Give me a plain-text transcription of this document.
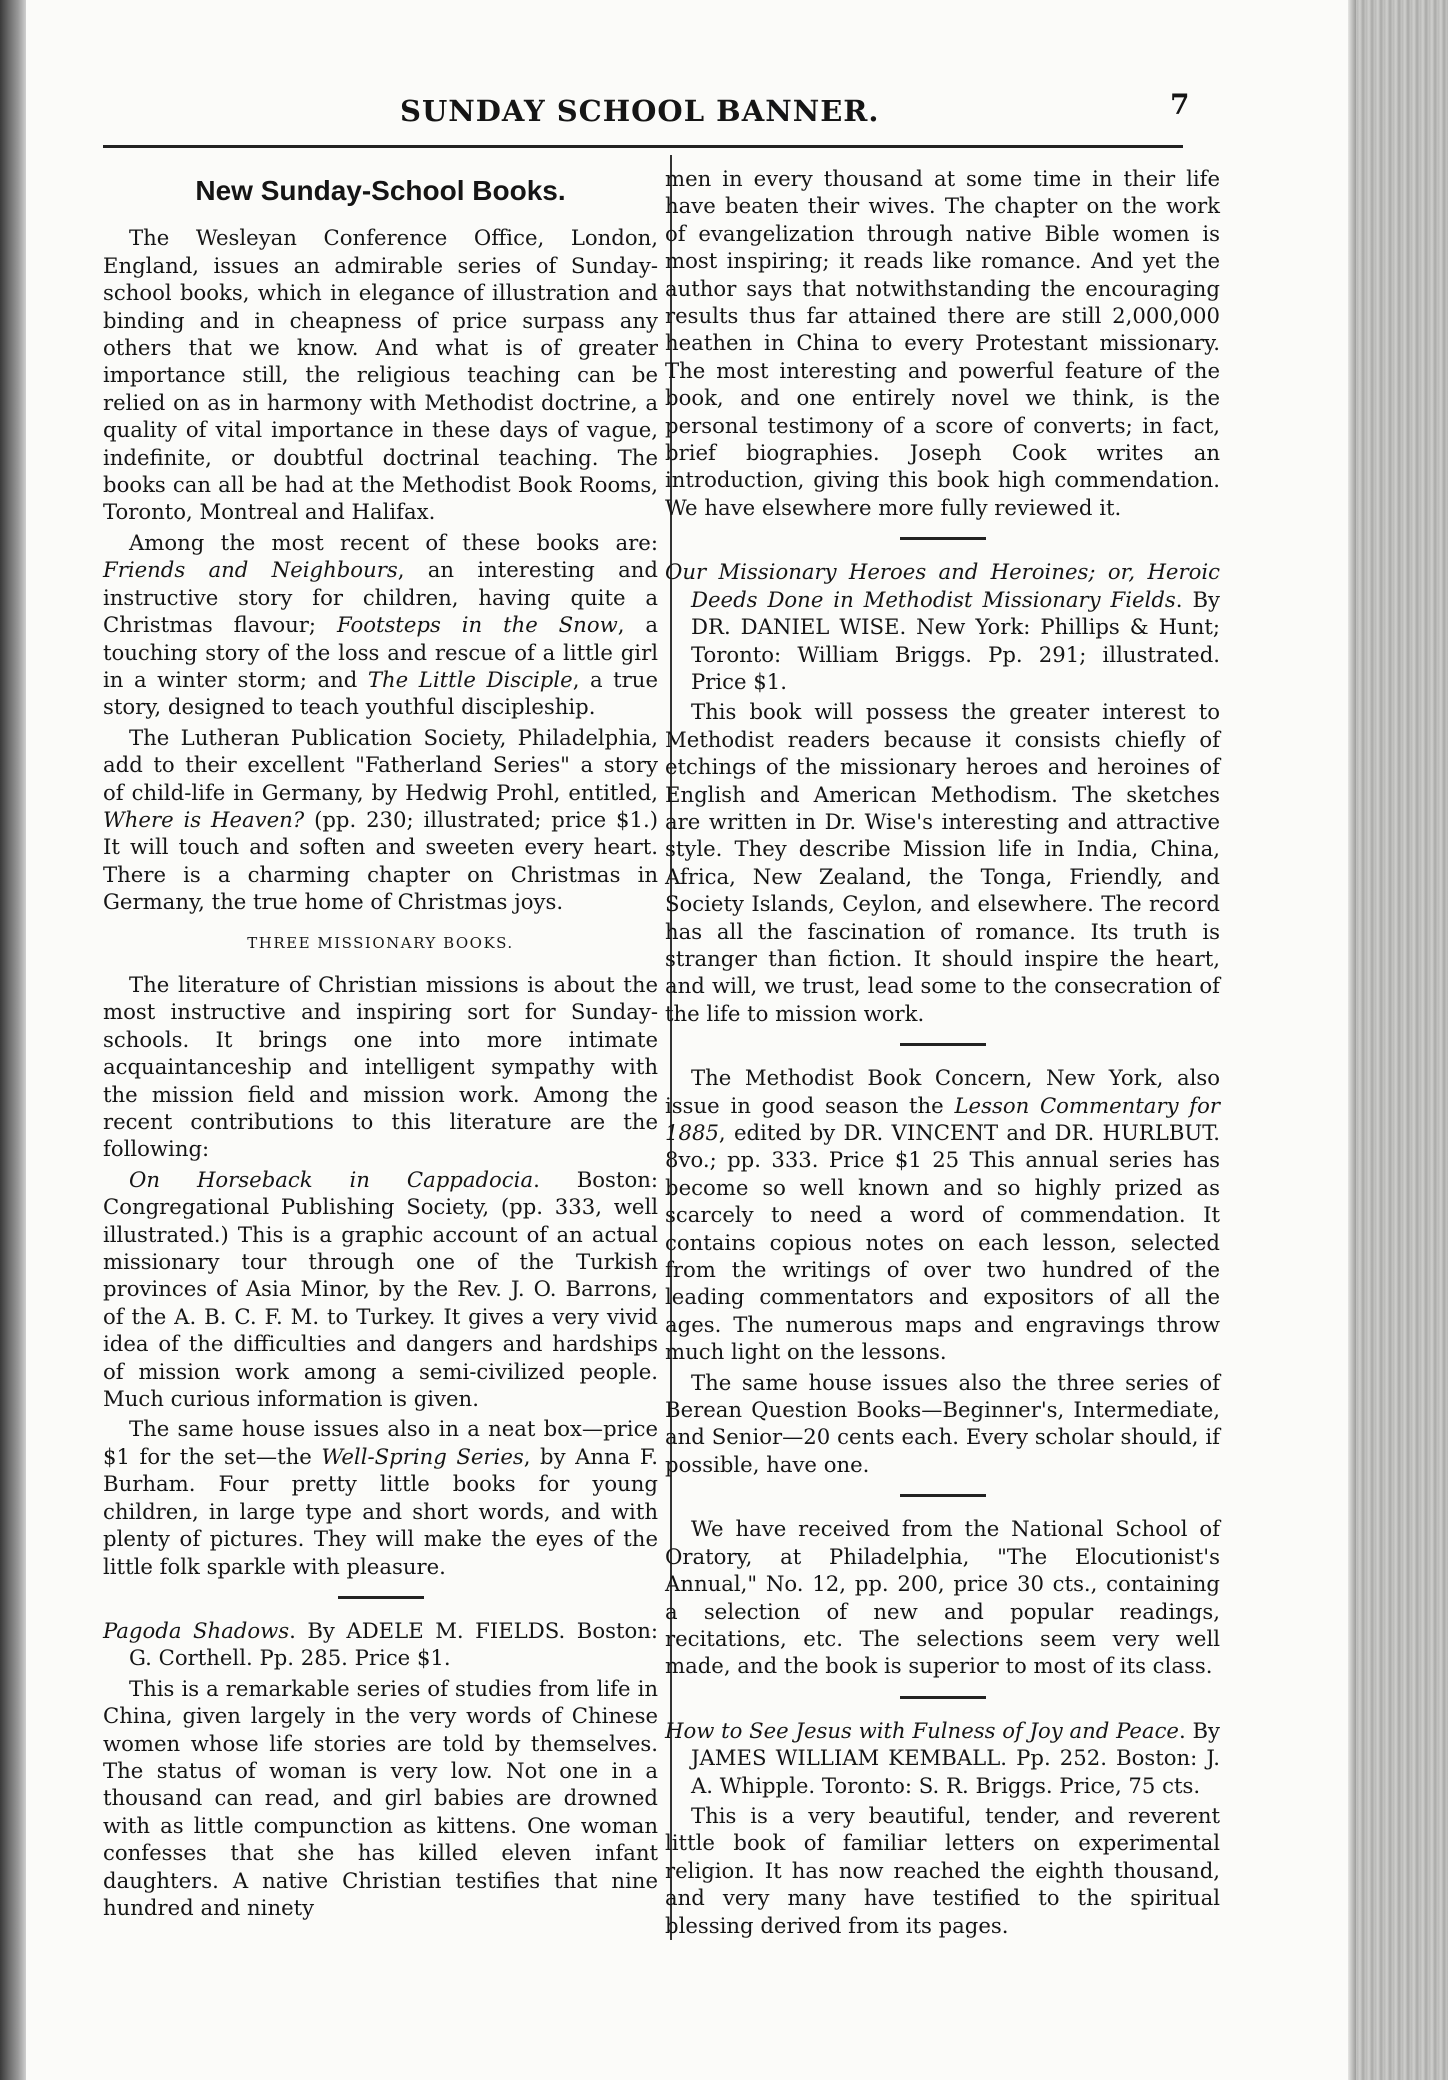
SUNDAY SCHOOL BANNER.	7
New Sunday-School Books.

The Wesleyan Conference Office, London, England, issues an admirable series of Sunday-school books, which in elegance of illustration and binding and in cheapness of price surpass any others that we know. And what is of greater importance still, the religious teaching can be relied on as in harmony with Methodist doctrine, a quality of vital importance in these days of vague, indefinite, or doubtful doctrinal teaching. The books can all be had at the Methodist Book Rooms, Toronto, Montreal and Halifax.

Among the most recent of these books are: Friends and Neighbours, an interesting and instructive story for children, having quite a Christmas flavour; Footsteps in the Snow, a touching story of the loss and rescue of a little girl in a winter storm; and The Little Disciple, a true story, designed to teach youthful discipleship.

The Lutheran Publication Society, Philadelphia, add to their excellent "Fatherland Series" a story of child-life in Germany, by Hedwig Prohl, entitled, Where is Heaven? (pp. 230; illustrated; price $1.) It will touch and soften and sweeten every heart. There is a charming chapter on Christmas in Germany, the true home of Christmas joys.

THREE MISSIONARY BOOKS.

The literature of Christian missions is about the most instructive and inspiring sort for Sunday-schools. It brings one into more intimate acquaintanceship and intelligent sympathy with the mission field and mission work. Among the recent contributions to this literature are the following:

On Horseback in Cappadocia. Boston: Congregational Publishing Society, (pp. 333, well illustrated.) This is a graphic account of an actual missionary tour through one of the Turkish provinces of Asia Minor, by the Rev. J. O. Barrons, of the A. B. C. F. M. to Turkey. It gives a very vivid idea of the difficulties and dangers and hardships of mission work among a semi-civilized people. Much curious information is given.

The same house issues also in a neat box—price $1 for the set—the Well-Spring Series, by Anna F. Burham. Four pretty little books for young children, in large type and short words, and with plenty of pictures. They will make the eyes of the little folk sparkle with pleasure.

Pagoda Shadows. By ADELE M. FIELDS. Boston: G. Corthell. Pp. 285. Price $1.

This is a remarkable series of studies from life in China, given largely in the very words of Chinese women whose life stories are told by themselves. The status of woman is very low. Not one in a thousand can read, and girl babies are drowned with as little compunction as kittens. One woman confesses that she has killed eleven infant daughters. A native Christian testifies that nine hundred and ninety

men in every thousand at some time in their life have beaten their wives. The chapter on the work of evangelization through native Bible women is most inspiring; it reads like romance. And yet the author says that notwithstanding the encouraging results thus far attained there are still 2,000,000 heathen in China to every Protestant missionary. The most interesting and powerful feature of the book, and one entirely novel we think, is the personal testimony of a score of converts; in fact, brief biographies. Joseph Cook writes an introduction, giving this book high commendation. We have elsewhere more fully reviewed it.

Our Missionary Heroes and Heroines; or, Heroic Deeds Done in Methodist Missionary Fields. By DR. DANIEL WISE. New York: Phillips & Hunt; Toronto: William Briggs. Pp. 291; illustrated. Price $1.

This book will possess the greater interest to Methodist readers because it consists chiefly of etchings of the missionary heroes and heroines of English and American Methodism. The sketches are written in Dr. Wise's interesting and attractive style. They describe Mission life in India, China, Africa, New Zealand, the Tonga, Friendly, and Society Islands, Ceylon, and elsewhere. The record has all the fascination of romance. Its truth is stranger than fiction. It should inspire the heart, and will, we trust, lead some to the consecration of the life to mission work.

The Methodist Book Concern, New York, also issue in good season the Lesson Commentary for 1885, edited by DR. VINCENT and DR. HURLBUT. 8vo.; pp. 333. Price $1 25 This annual series has become so well known and so highly prized as scarcely to need a word of commendation. It contains copious notes on each lesson, selected from the writings of over two hundred of the leading commentators and expositors of all the ages. The numerous maps and engravings throw much light on the lessons.

The same house issues also the three series of Berean Question Books—Beginner's, Intermediate, and Senior—20 cents each. Every scholar should, if possible, have one.

We have received from the National School of Oratory, at Philadelphia, "The Elocutionist's Annual," No. 12, pp. 200, price 30 cts., containing a selection of new and popular readings, recitations, etc. The selections seem very well made, and the book is superior to most of its class.

How to See Jesus with Fulness of Joy and Peace. By JAMES WILLIAM KEMBALL. Pp. 252. Boston: J. A. Whipple. Toronto: S. R. Briggs. Price, 75 cts.

This is a very beautiful, tender, and reverent little book of familiar letters on experimental religion. It has now reached the eighth thousand, and very many have testified to the spiritual blessing derived from its pages.
